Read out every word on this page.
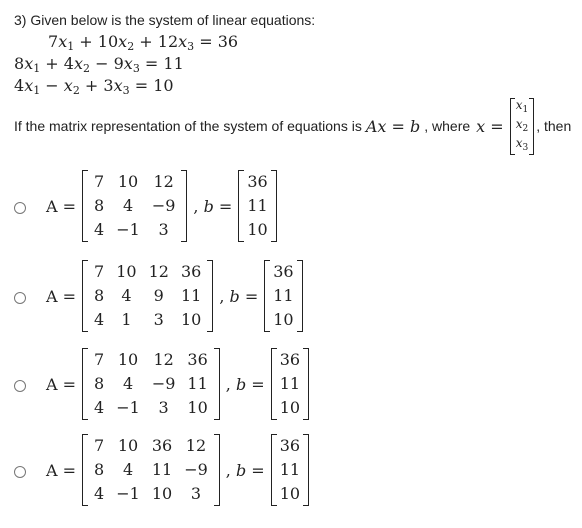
3) Given below is the system of linear equations:
$7x_1 + 10x_2 + 12x_3 = 36$
$8x_1 + 4x_2 - 9x_3 = 11$
$4x_1 - x_2 + 3x_3 = 10$
If the matrix representation of the system of equations is Ax = b , where x =
$x_1$
$x_2$
$x_3$
, then
A =
7	10	12
8	4	−9
4	−1	3
, b =
36
11
10
A =
7	10	12	36
8	4	9	11
4	1	3	10
, b =
36
11
10
A =
7	10	12	36
8	4	−9	11
4	−1	3	10
, b =
36
11
10
A =
7	10	36	12
8	4	11	−9
4	−1	10	3
, b =
36
11
10
